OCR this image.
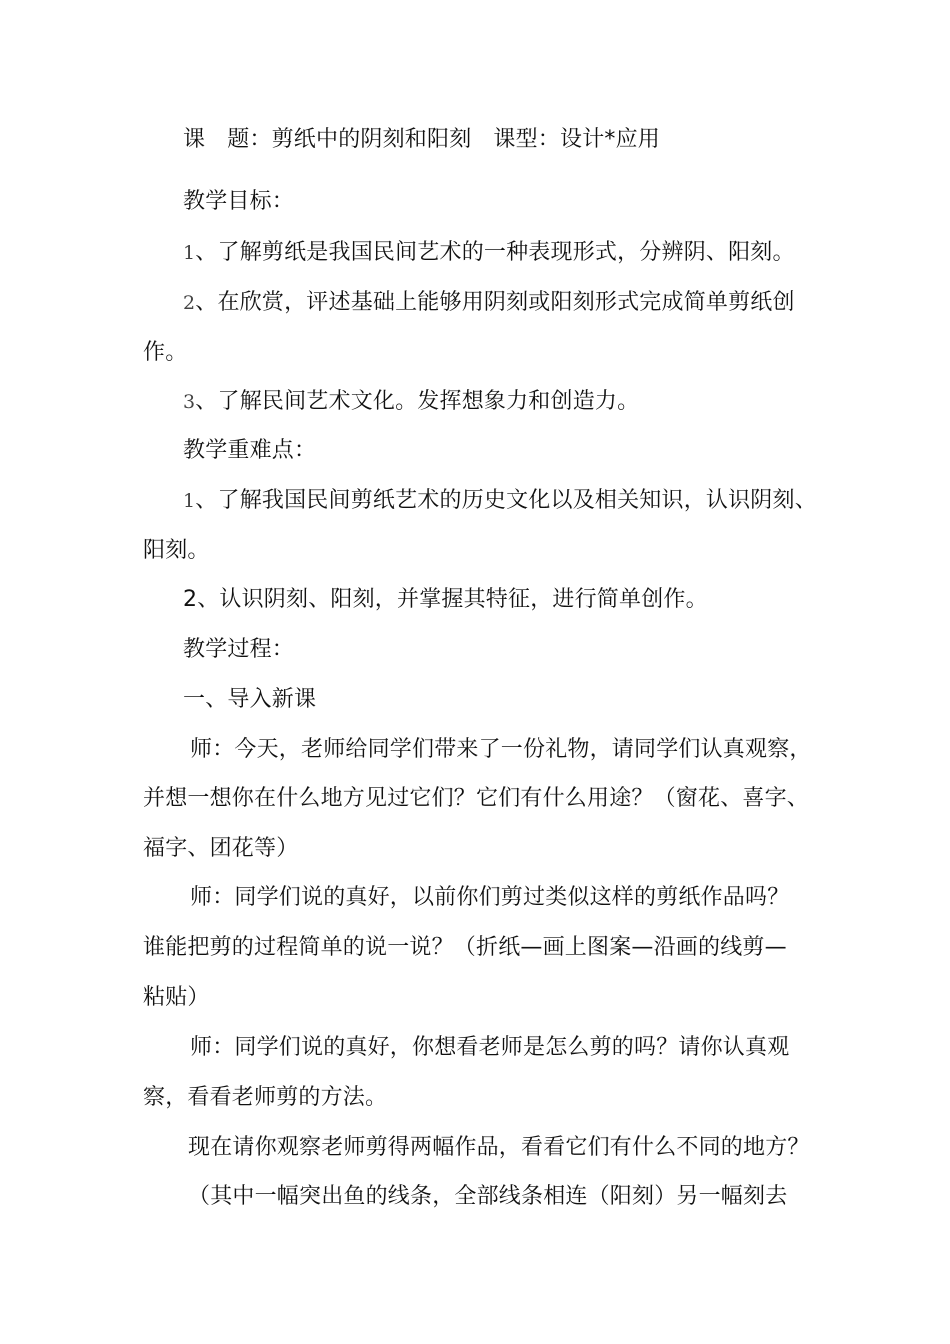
课 题：剪纸中的阴刻和阳刻 课型：设计*应用
教学目标：
1、了解剪纸是我国民间艺术的一种表现形式，分辨阴、阳刻。
2、在欣赏，评述基础上能够用阴刻或阳刻形式完成简单剪纸创
作。
3、了解民间艺术文化。发挥想象力和创造力。
教学重难点：
1、了解我国民间剪纸艺术的历史文化以及相关知识，认识阴刻、
阳刻。
2、认识阴刻、阳刻，并掌握其特征，进行简单创作。
教学过程：
一、导入新课
师：今天，老师给同学们带来了一份礼物，请同学们认真观察，
并想一想你在什么地方见过它们？它们有什么用途？（窗花、喜字、
福字、团花等）
师：同学们说的真好，以前你们剪过类似这样的剪纸作品吗？
谁能把剪的过程简单的说一说？（折纸—画上图案—沿画的线剪—
粘贴）
师：同学们说的真好，你想看老师是怎么剪的吗？请你认真观
察，看看老师剪的方法。
现在请你观察老师剪得两幅作品，看看它们有什么不同的地方？
（其中一幅突出鱼的线条，全部线条相连（阳刻）另一幅刻去
